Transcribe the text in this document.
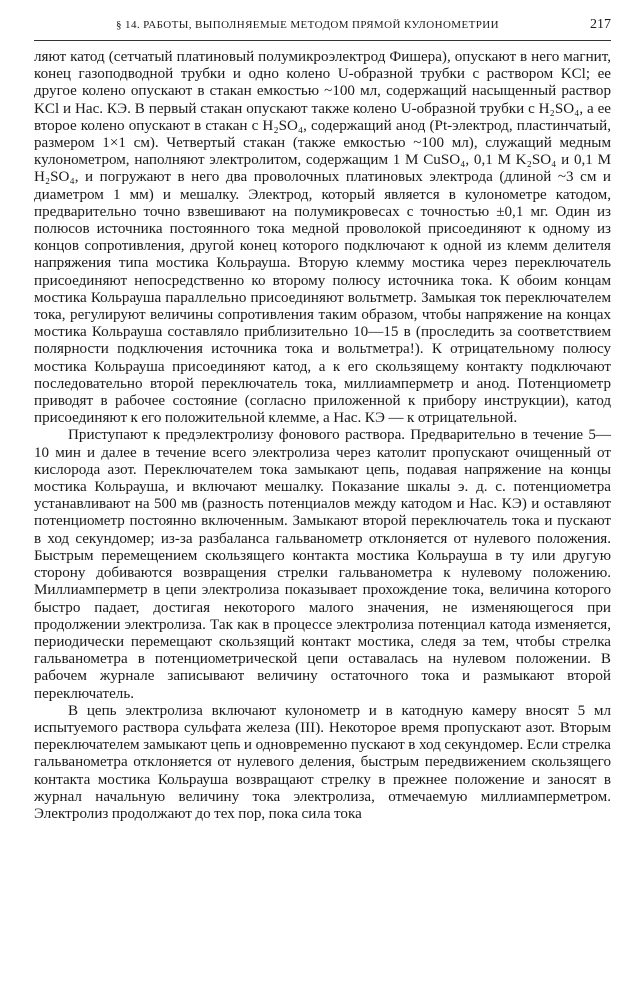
§ 14. РАБОТЫ, ВЫПОЛНЯЕМЫЕ МЕТОДОМ ПРЯМОЙ КУЛОНОМЕТРИИ	217

ляют катод (сетчатый платиновый полумикроэлектрод Фишера), опускают в него магнит, конец газоподводной трубки и одно колено U-образной трубки с раствором KCl; ее другое колено опускают в стакан емкостью ~100 мл, содержащий насыщенный раствор KCl и Нас. КЭ. В первый стакан опускают также колено U-образной трубки с H₂SO₄, а ее второе колено опускают в стакан с H₂SO₄, содержащий анод (Pt-электрод, пластинчатый, размером 1×1 см). Четвертый стакан (также емкостью ~100 мл), служащий медным кулонометром, наполняют электролитом, содержащим 1 M CuSO₄, 0,1 M K₂SO₄ и 0,1 M H₂SO₄, и погружают в него два проволочных платиновых электрода (длиной ~3 см и диаметром 1 мм) и мешалку. Электрод, который является в кулонометре катодом, предварительно точно взвешивают на полумикровесах с точностью ±0,1 мг. Один из полюсов источника постоянного тока медной проволокой присоединяют к одному из концов сопротивления, другой конец которого подключают к одной из клемм делителя напряжения типа мостика Кольрауша. Вторую клемму мостика через переключатель присоединяют непосредственно ко второму полюсу источника тока. К обоим концам мостика Кольрауша параллельно присоединяют вольтметр. Замыкая ток переключателем тока, регулируют величины сопротивления таким образом, чтобы напряжение на концах мостика Кольрауша составляло приблизительно 10—15 в (проследить за соответствием полярности подключения источника тока и вольтметра!). К отрицательному полюсу мостика Кольрауша присоединяют катод, а к его скользящему контакту подключают последовательно второй переключатель тока, миллиамперметр и анод. Потенциометр приводят в рабочее состояние (согласно приложенной к прибору инструкции), катод присоединяют к его положительной клемме, а Нас. КЭ — к отрицательной.

Приступают к предэлектролизу фонового раствора. Предварительно в течение 5—10 мин и далее в течение всего электролиза через католит пропускают очищенный от кислорода азот. Переключателем тока замыкают цепь, подавая напряжение на концы мостика Кольрауша, и включают мешалку. Показание шкалы э. д. с. потенциометра устанавливают на 500 мв (разность потенциалов между катодом и Нас. КЭ) и оставляют потенциометр постоянно включенным. Замыкают второй переключатель тока и пускают в ход секундомер; из-за разбаланса гальванометр отклоняется от нулевого положения. Быстрым перемещением скользящего контакта мостика Кольрауша в ту или другую сторону добиваются возвращения стрелки гальванометра к нулевому положению. Миллиамперметр в цепи электролиза показывает прохождение тока, величина которого быстро падает, достигая некоторого малого значения, не изменяющегося при продолжении электролиза. Так как в процессе электролиза потенциал катода изменяется, периодически перемещают скользящий контакт мостика, следя за тем, чтобы стрелка гальванометра в потенциометрической цепи оставалась на нулевом положении. В рабочем журнале записывают величину остаточного тока и размыкают второй переключатель.

В цепь электролиза включают кулонометр и в катодную камеру вносят 5 мл испытуемого раствора сульфата железа (III). Некоторое время пропускают азот. Вторым переключателем замыкают цепь и одновременно пускают в ход секундомер. Если стрелка гальванометра отклоняется от нулевого деления, быстрым передвижением скользящего контакта мостика Кольрауша возвращают стрелку в прежнее положение и заносят в журнал начальную величину тока электролиза, отмечаемую миллиамперметром. Электролиз продолжают до тех пор, пока сила тока
